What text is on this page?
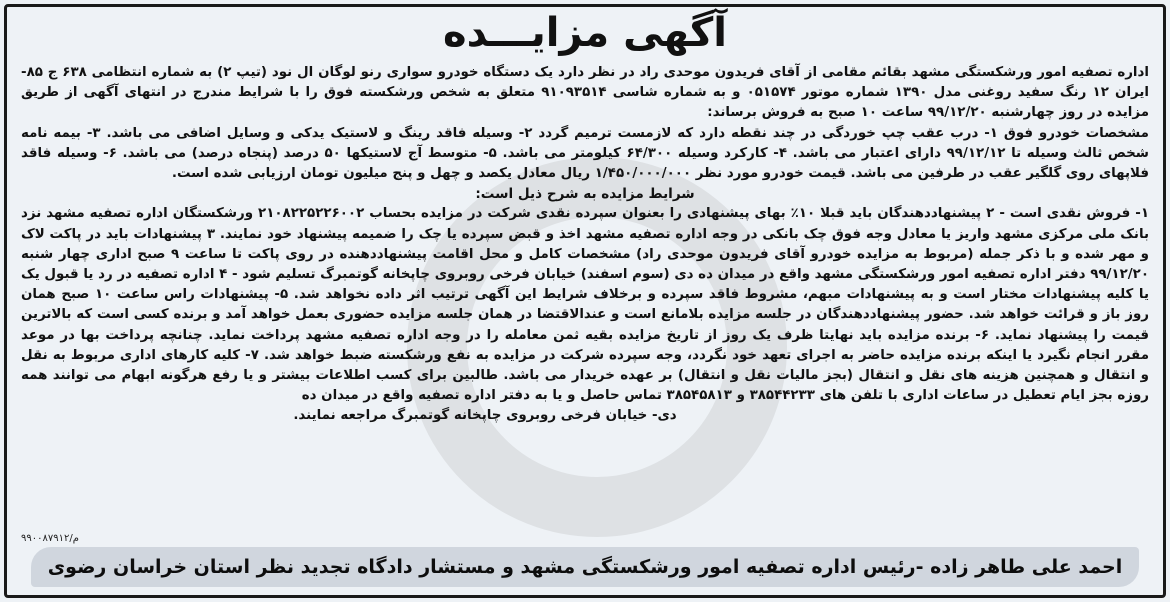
آگهی مزایـــده

اداره تصفیه امور ورشکستگی مشهد بقائم مقامی از آقای فریدون موحدی راد در نظر دارد یک دستگاه خودرو سواری رنو لوگان ال نود (تیپ ۲) به شماره انتظامی ۶۳۸ ج ۸۵- ایران ۱۲ رنگ سفید روغنی مدل ۱۳۹۰ شماره موتور ۰۵۱۵۷۴ و به شماره شاسی ۹۱۰۹۳۵۱۴ متعلق به شخص ورشکسته فوق را با شرایط مندرج در انتهای آگهی از طریق مزایده در روز چهارشنبه ۹۹/۱۲/۲۰ ساعت ۱۰ صبح به فروش برساند:

مشخصات خودرو فوق ۱- درب عقب چپ خوردگی در چند نقطه دارد که لازمست ترمیم گردد ۲- وسیله فاقد رینگ و لاستیک یدکی و وسایل اضافی می باشد. ۳- بیمه نامه شخص ثالث وسیله تا ۹۹/۱۲/۱۲ دارای اعتبار می باشد. ۴- کارکرد وسیله ۶۴/۳۰۰ کیلومتر می باشد. ۵- متوسط آج لاستیکها ۵۰ درصد (پنجاه درصد) می باشد. ۶- وسیله فاقد فلاپهای روی گلگیر عقب در طرفین می باشد. قیمت خودرو مورد نظر ۱/۴۵۰/۰۰۰/۰۰۰ ریال معادل یکصد و چهل و پنج میلیون تومان ارزیابی شده است.

شرایط مزایده به شرح ذیل است:

۱- فروش نقدی است - ۲ پیشنهاددهندگان باید قبلا ۱۰٪ بهای پیشنهادی را بعنوان سپرده نقدی شرکت در مزایده بحساب ۲۱۰۸۲۲۵۲۲۶۰۰۲ ورشکستگان اداره تصفیه مشهد نزد بانک ملی مرکزی مشهد واریز یا معادل وجه فوق چک بانکی در وجه اداره تصفیه مشهد اخذ و قبض سپرده یا چک را ضمیمه پیشنهاد خود نمایند. ۳ پیشنهادات باید در پاکت لاک و مهر شده و با ذکر جمله (مربوط به مزایده خودرو آقای فریدون موحدی راد) مشخصات کامل و محل اقامت پیشنهاددهنده در روی پاکت تا ساعت ۹ صبح اداری چهار شنبه ۹۹/۱۲/۲۰ دفتر اداره تصفیه امور ورشکستگی مشهد واقع در میدان ده دی (سوم اسفند) خیابان فرخی روبروی چاپخانه گوتمبرگ تسلیم شود - ۴ اداره تصفیه در رد یا قبول یک یا کلیه پیشنهادات مختار است و به پیشنهادات مبهم، مشروط فاقد سپرده و برخلاف شرایط این آگهی ترتیب اثر داده نخواهد شد. ۵- پیشنهادات راس ساعت ۱۰ صبح همان روز باز و قرائت خواهد شد. حضور پیشنهاددهندگان در جلسه مزایده بلامانع است و عندالاقتضا در همان جلسه مزایده حضوری بعمل خواهد آمد و برنده کسی است که بالاترین قیمت را پیشنهاد نماید. ۶- برنده مزایده باید نهایتا ظرف یک روز از تاریخ مزایده بقیه ثمن معامله را در وجه اداره تصفیه مشهد پرداخت نماید. چنانچه پرداخت بها در موعد مقرر انجام نگیرد یا اینکه برنده مزایده حاضر به اجرای تعهد خود نگردد، وجه سپرده شرکت در مزایده به نفع ورشکسته ضبط خواهد شد. ۷- کلیه کارهای اداری مربوط به نقل و انتقال و همچنین هزینه های نقل و انتقال (بجز مالیات نقل و انتقال) بر عهده خریدار می باشد. طالبین برای کسب اطلاعات بیشتر و یا رفع هرگونه ابهام می توانند همه روزه بجز ایام تعطیل در ساعات اداری با تلفن های ۳۸۵۴۴۲۳۳ و ۳۸۵۴۵۸۱۳ تماس حاصل و یا به دفتر اداره تصفیه واقع در میدان ده

دی- خیابان فرخی روبروی چاپخانه گوتمبرگ مراجعه نمایند.

م/۹۹۰۰۸۷۹۱۲
احمد علی طاهر زاده -رئیس اداره تصفیه امور ورشکستگی مشهد و مستشار دادگاه تجدید نظر استان خراسان رضوی
